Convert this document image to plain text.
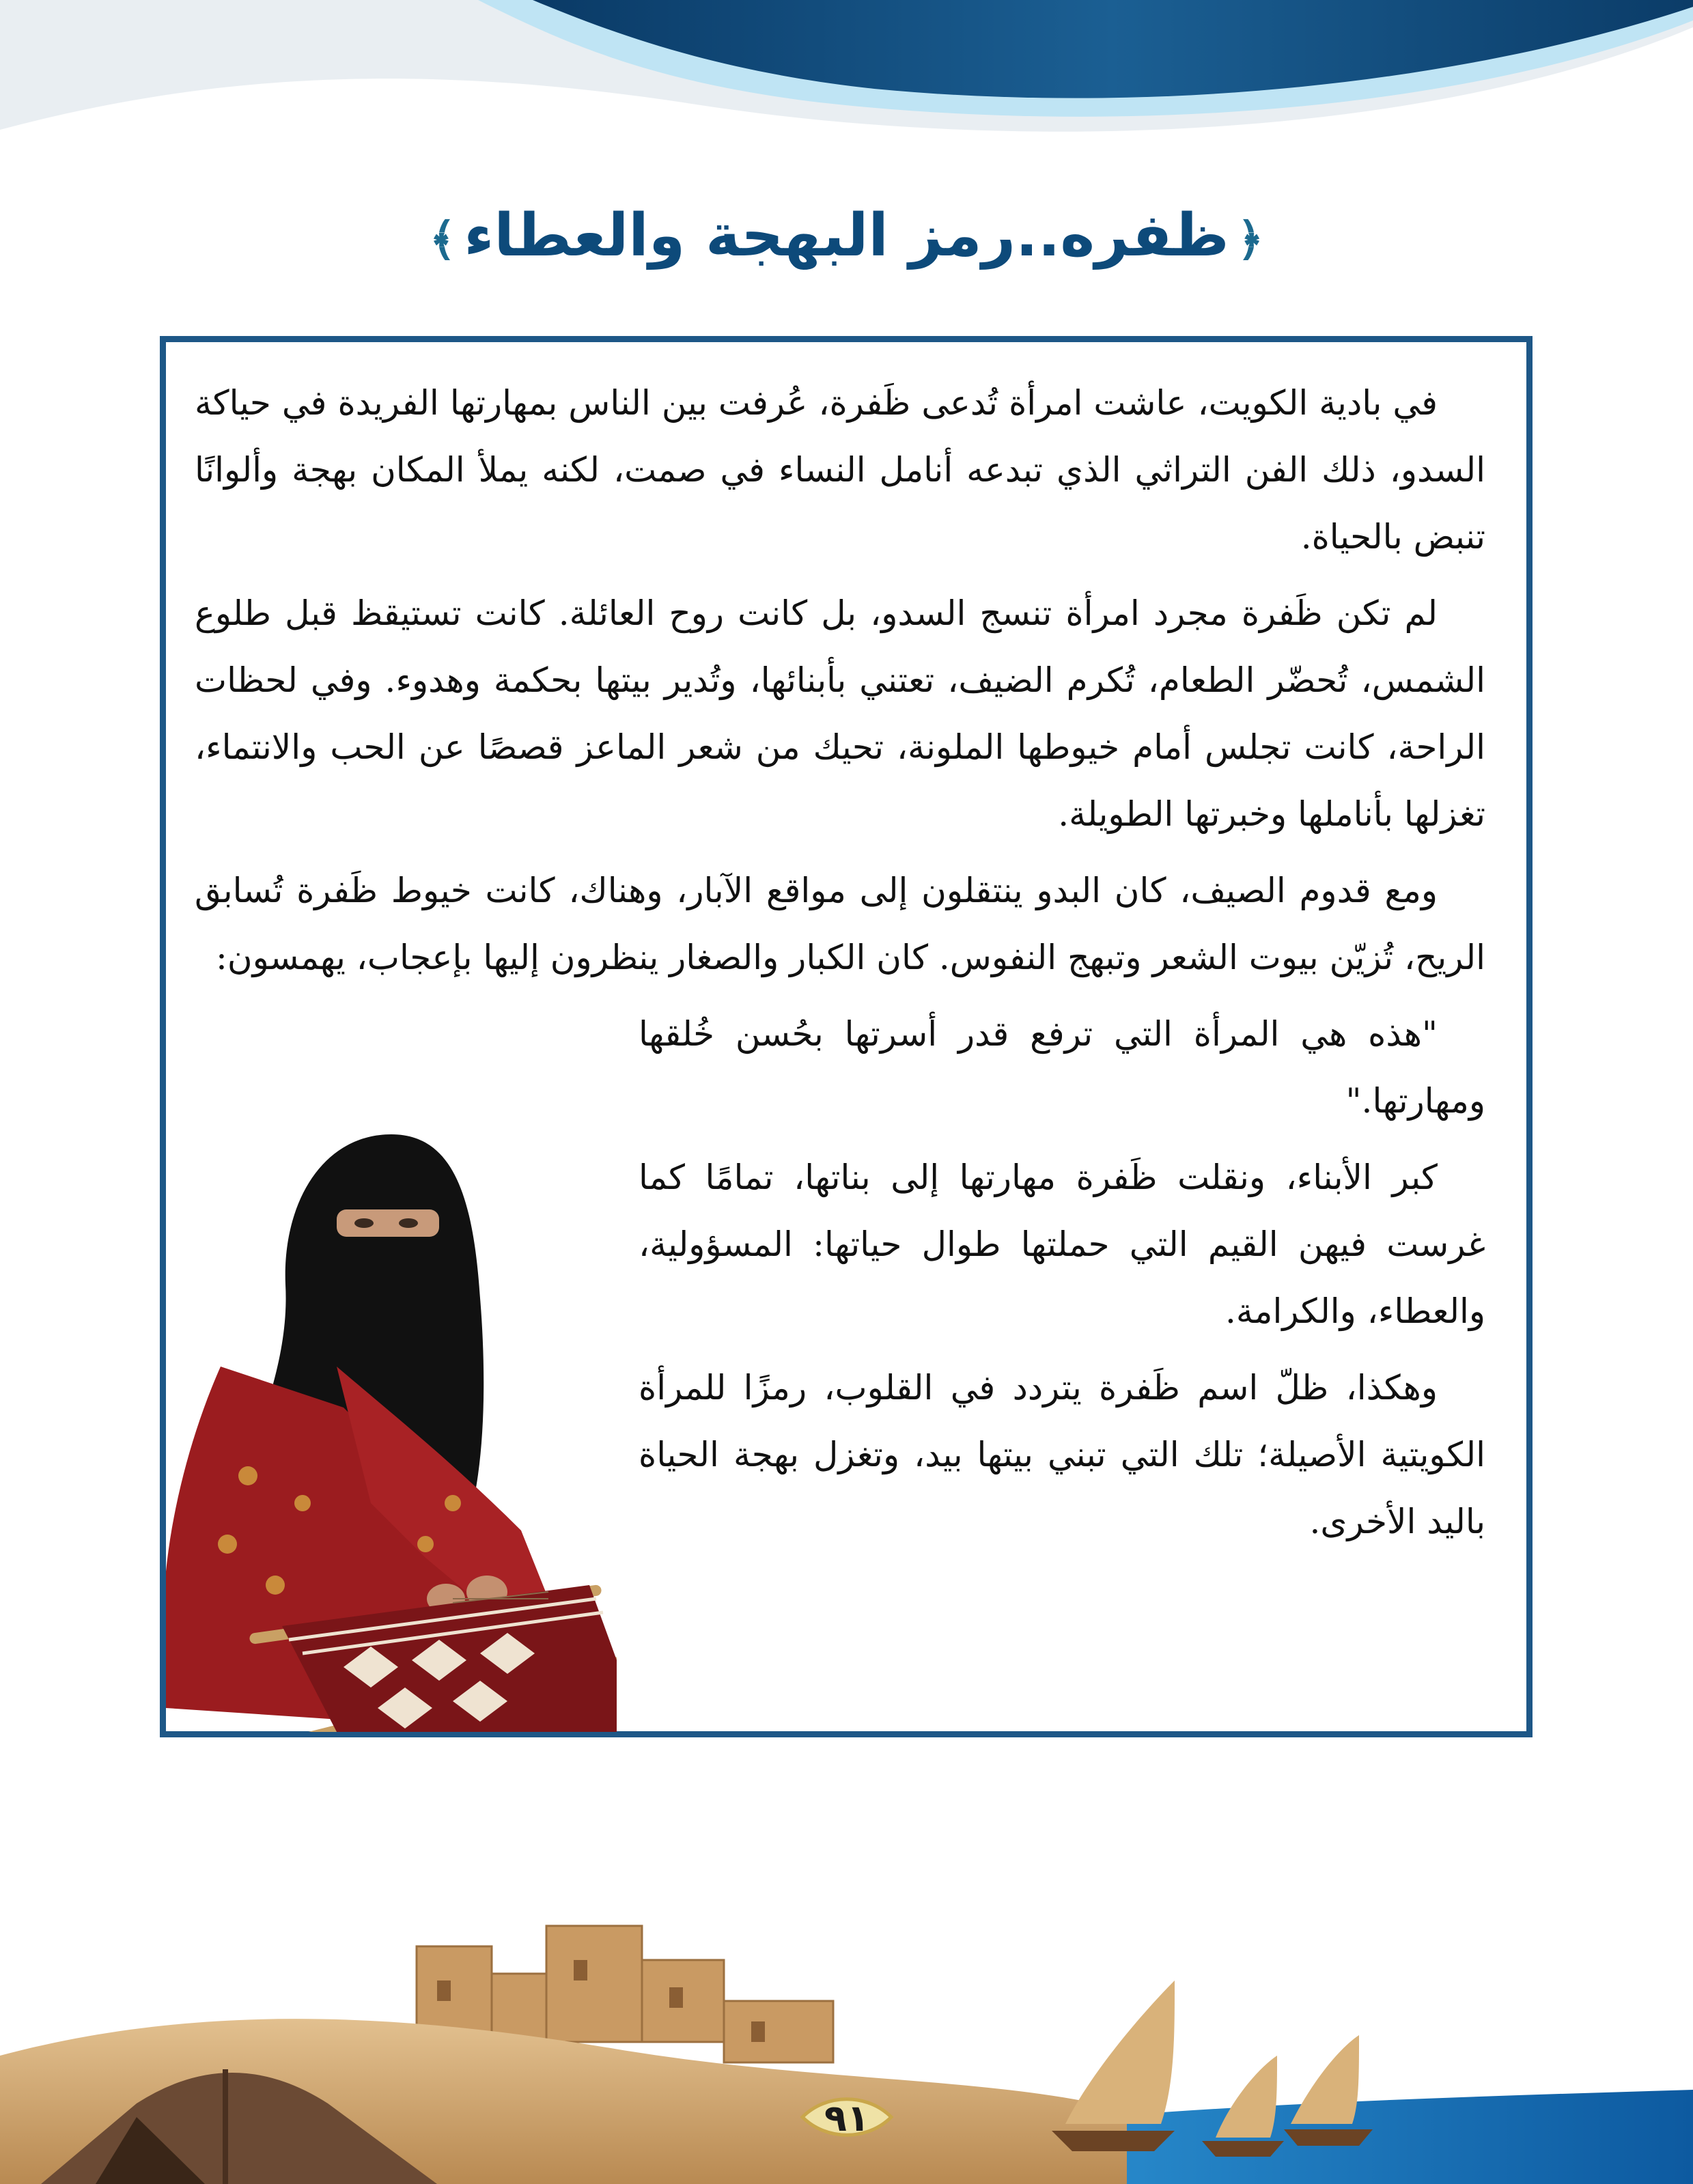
﴿ظفره..رمز البهجة والعطاء﴾

في بادية الكويت، عاشت امرأة تُدعى ظَفرة، عُرفت بين الناس بمهارتها الفريدة في حياكة السدو، ذلك الفن التراثي الذي تبدعه أنامل النساء في صمت، لكنه يملأ المكان بهجة وألوانًا تنبض بالحياة.

لم تكن ظَفرة مجرد امرأة تنسج السدو، بل كانت روح العائلة. كانت تستيقظ قبل طلوع الشمس، تُحضّر الطعام، تُكرم الضيف، تعتني بأبنائها، وتُدير بيتها بحكمة وهدوء. وفي لحظات الراحة، كانت تجلس أمام خيوطها الملونة، تحيك من شعر الماعز قصصًا عن الحب والانتماء، تغزلها بأناملها وخبرتها الطويلة.

ومع قدوم الصيف، كان البدو ينتقلون إلى مواقع الآبار، وهناك، كانت خيوط ظَفرة تُسابق الريح، تُزيّن بيوت الشعر وتبهج النفوس. كان الكبار والصغار ينظرون إليها بإعجاب، يهمسون:

"هذه هي المرأة التي ترفع قدر أسرتها بحُسن خُلقها ومهارتها."

كبر الأبناء، ونقلت ظَفرة مهارتها إلى بناتها، تمامًا كما غرست فيهن القيم التي حملتها طوال حياتها: المسؤولية، والعطاء، والكرامة.

وهكذا، ظلّ اسم ظَفرة يتردد في القلوب، رمزًا للمرأة الكويتية الأصيلة؛ تلك التي تبني بيتها بيد، وتغزل بهجة الحياة باليد الأخرى.

٩١
